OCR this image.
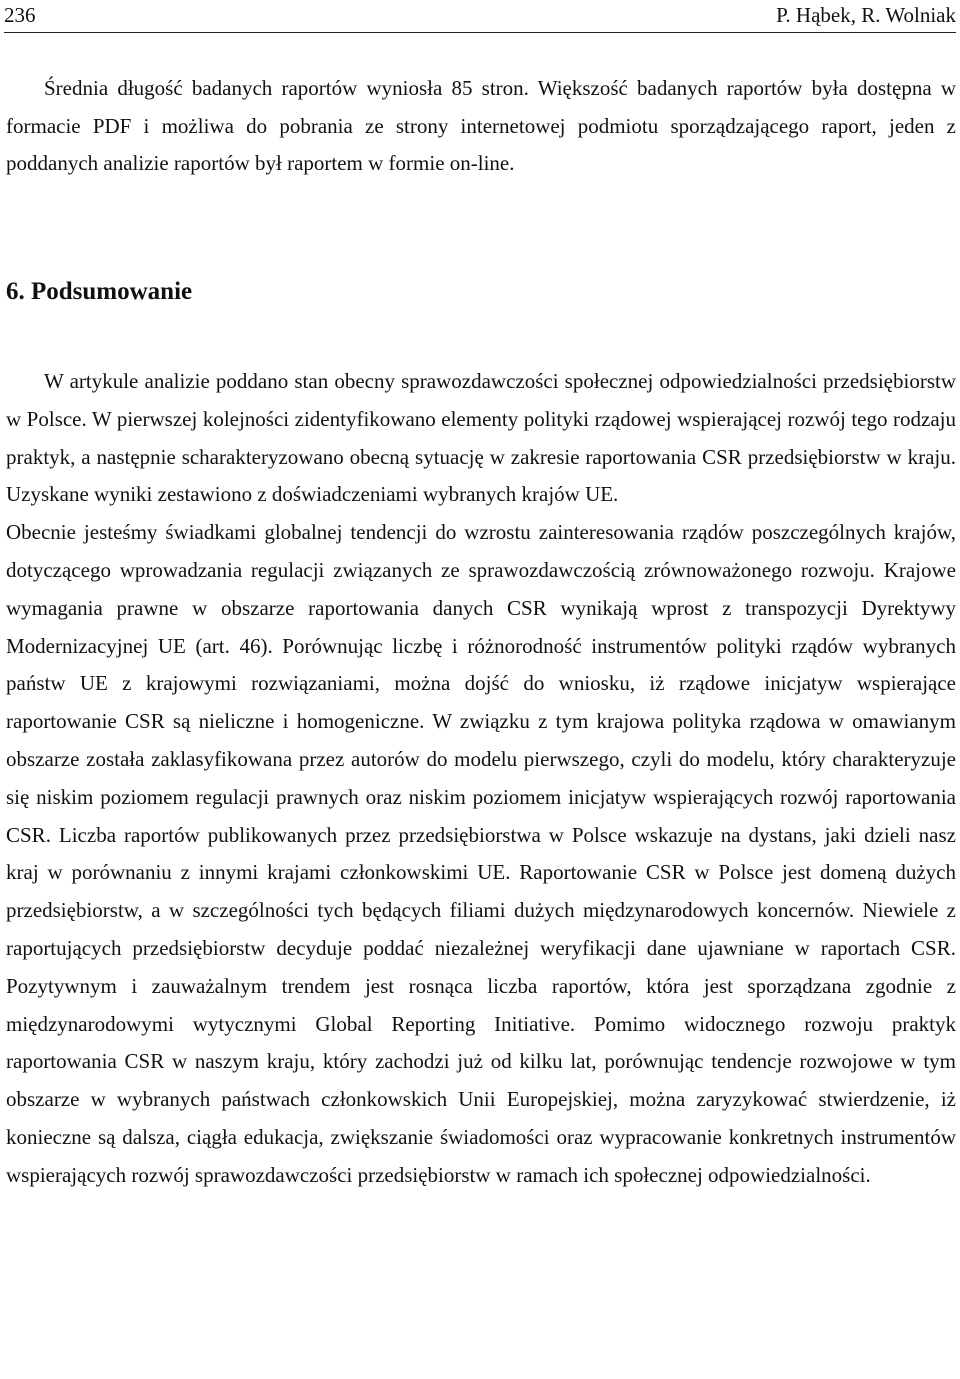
236	P. Hąbek, R. Wolniak

Średnia długość badanych raportów wyniosła 85 stron. Większość badanych raportów była dostępna w formacie PDF i możliwa do pobrania ze strony internetowej podmiotu sporządzającego raport, jeden z poddanych analizie raportów był raportem w formie on-line.

6. Podsumowanie
W artykule analizie poddano stan obecny sprawozdawczości społecznej odpowiedzialności przedsiębiorstw w Polsce. W pierwszej kolejności zidentyfikowano elementy polityki rządowej wspierającej rozwój tego rodzaju praktyk, a następnie scharakteryzowano obecną sytuację w zakresie raportowania CSR przedsiębiorstw w kraju. Uzyskane wyniki zestawiono z doświadczeniami wybranych krajów UE.
Obecnie jesteśmy świadkami globalnej tendencji do wzrostu zainteresowania rządów poszczególnych krajów, dotyczącego wprowadzania regulacji związanych ze sprawozdawczością zrównoważonego rozwoju. Krajowe wymagania prawne w obszarze raportowania danych CSR wynikają wprost z transpozycji Dyrektywy Modernizacyjnej UE (art. 46). Porównując liczbę i różnorodność instrumentów polityki rządów wybranych państw UE z krajowymi rozwiązaniami, można dojść do wniosku, iż rządowe inicjatyw wspierające raportowanie CSR są nieliczne i homogeniczne. W związku z tym krajowa polityka rządowa w omawianym obszarze została zaklasyfikowana przez autorów do modelu pierwszego, czyli do modelu, który charakteryzuje się niskim poziomem regulacji prawnych oraz niskim poziomem inicjatyw wspierających rozwój raportowania CSR. Liczba raportów publikowanych przez przedsiębiorstwa w Polsce wskazuje na dystans, jaki dzieli nasz kraj w porównaniu z innymi krajami członkowskimi UE. Raportowanie CSR w Polsce jest domeną dużych przedsiębiorstw, a w szczególności tych będących filiami dużych międzynarodowych koncernów. Niewiele z raportujących przedsiębiorstw decyduje poddać niezależnej weryfikacji dane ujawniane w raportach CSR. Pozytywnym i zauważalnym trendem jest rosnąca liczba raportów, która jest sporządzana zgodnie z międzynarodowymi wytycznymi Global Reporting Initiative. Pomimo widocznego rozwoju praktyk raportowania CSR w naszym kraju, który zachodzi już od kilku lat, porównując tendencje rozwojowe w tym obszarze w wybranych państwach członkowskich Unii Europejskiej, można zaryzykować stwierdzenie, iż konieczne są dalsza, ciągła edukacja, zwiększanie świadomości oraz wypracowanie konkretnych instrumentów wspierających rozwój sprawozdawczości przedsiębiorstw w ramach ich społecznej odpowiedzialności.
